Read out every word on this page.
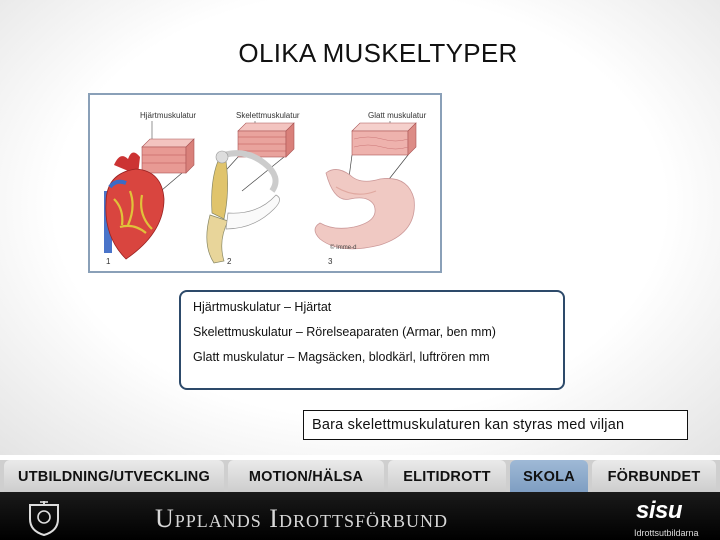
OLIKA MUSKELTYPER
Hjärtmuskulatur	Skelettmuskulatur	Glatt muskulatur
1	2	3
© Imme-d

Hjärtmuskulatur – Hjärtat

Skelettmuskulatur – Rörelseaparaten (Armar, ben mm)

Glatt muskulatur – Magsäcken, blodkärl, luftrören mm

Bara skelettmuskulaturen kan styras med viljan
UTBILDNING/UTVECKLING	MOTION/HÄLSA	ELITIDROTT	SKOLA	FÖRBUNDET
Upplands Idrottsförbund	sisu
Idrottsutbildarna
